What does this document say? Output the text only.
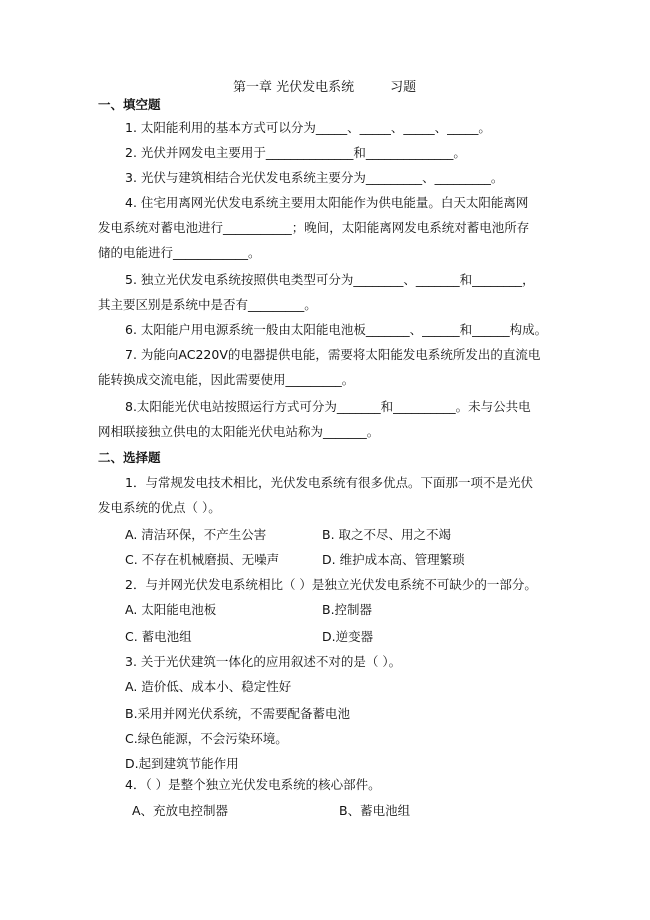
第一章 光伏发电系统	习题
一、填空题
1. 太阳能利用的基本方式可以分为_____、_____、_____、_____。
2. 光伏并网发电主要用于______________和______________。
3. 光伏与建筑相结合光伏发电系统主要分为_________、_________。
4. 住宅用离网光伏发电系统主要用太阳能作为供电能量。白天太阳能离网
发电系统对蓄电池进行___________；晚间，太阳能离网发电系统对蓄电池所存
储的电能进行____________。
5. 独立光伏发电系统按照供电类型可分为________、_______和________，
其主要区别是系统中是否有_________。
6. 太阳能户用电源系统一般由太阳能电池板_______、______和______构成。
7. 为能向AC220V的电器提供电能，需要将太阳能发电系统所发出的直流电
能转换成交流电能，因此需要使用_________。
8.太阳能光伏电站按照运行方式可分为_______和__________。未与公共电
网相联接独立供电的太阳能光伏电站称为_______。
二、选择题
1．与常规发电技术相比，光伏发电系统有很多优点。下面那一项不是光伏
发电系统的优点（ ）。
A. 清洁环保，不产生公害	B. 取之不尽、用之不竭
C. 不存在机械磨损、无噪声	D. 维护成本高、管理繁琐
2．与并网光伏发电系统相比（ ）是独立光伏发电系统不可缺少的一部分。
A. 太阳能电池板	B.控制器
C. 蓄电池组	D.逆变器
3. 关于光伏建筑一体化的应用叙述不对的是（ ）。
A. 造价低、成本小、稳定性好
B.采用并网光伏系统，不需要配备蓄电池
C.绿色能源，不会污染环境。
D.起到建筑节能作用
4．（ ）是整个独立光伏发电系统的核心部件。
A、充放电控制器	B、蓄电池组
